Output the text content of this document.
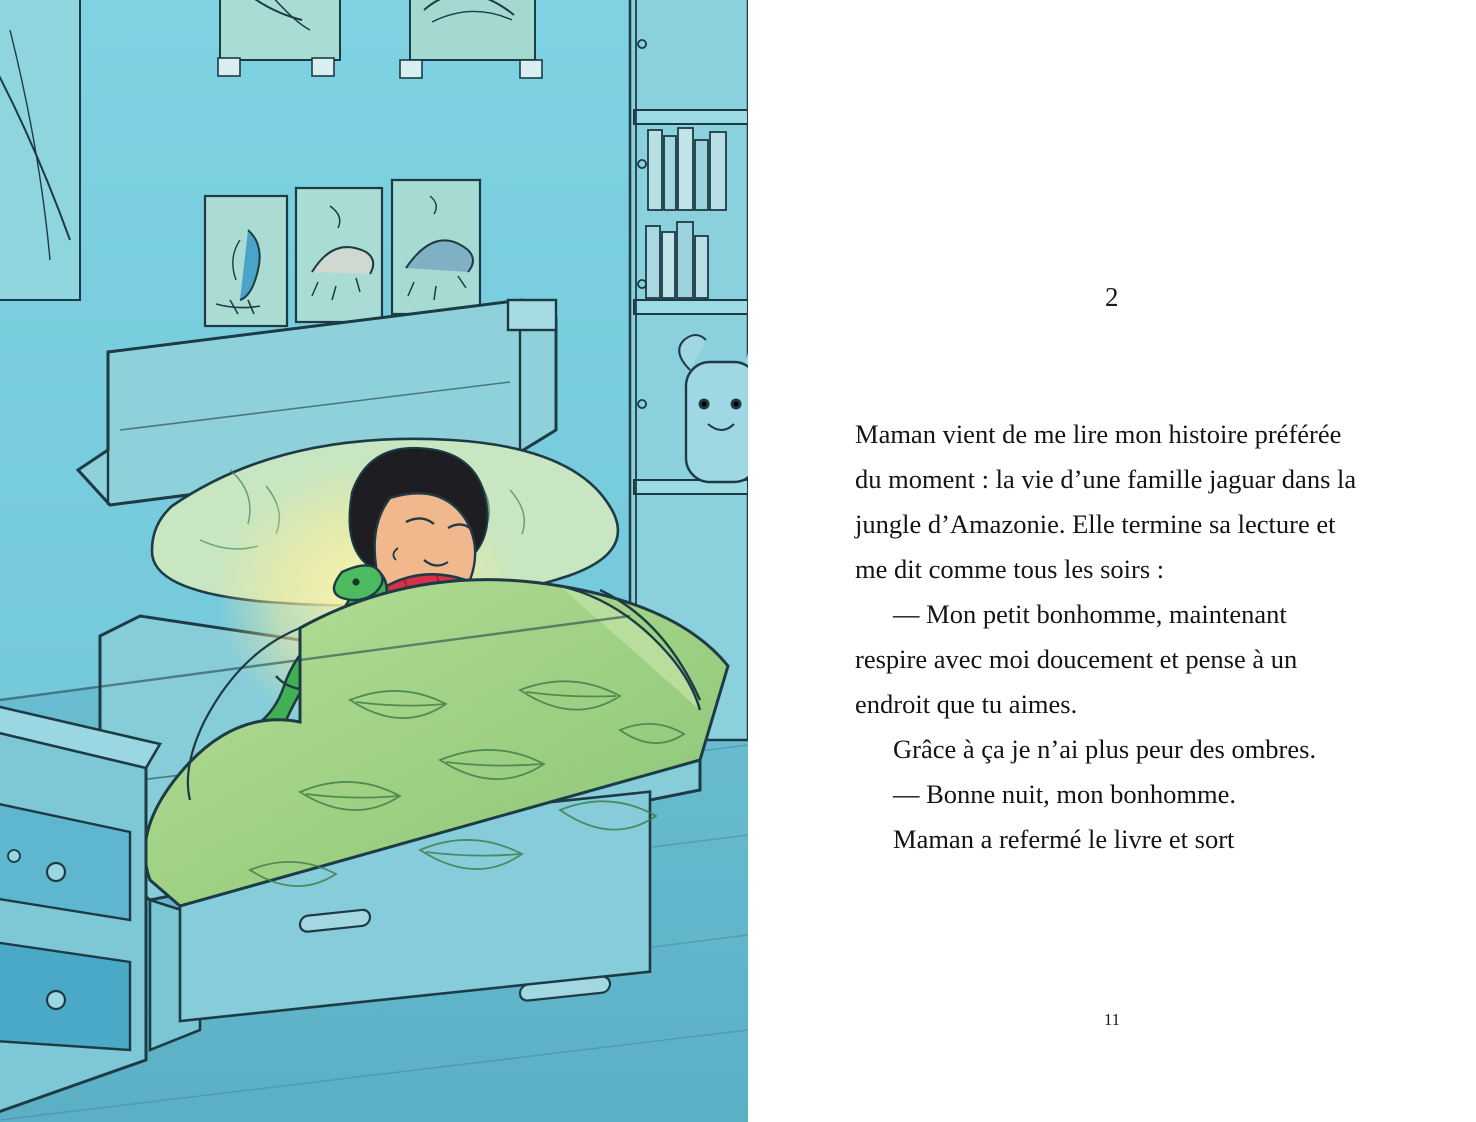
2

Maman vient de me lire mon histoire préférée du moment : la vie d’une famille jaguar dans la jungle d’Amazonie. Elle termine sa lecture et me dit comme tous les soirs :

— Mon petit bonhomme, maintenant respire avec moi doucement et pense à un endroit que tu aimes.

Grâce à ça je n’ai plus peur des ombres.

— Bonne nuit, mon bonhomme.

Maman a refermé le livre et sort

11
